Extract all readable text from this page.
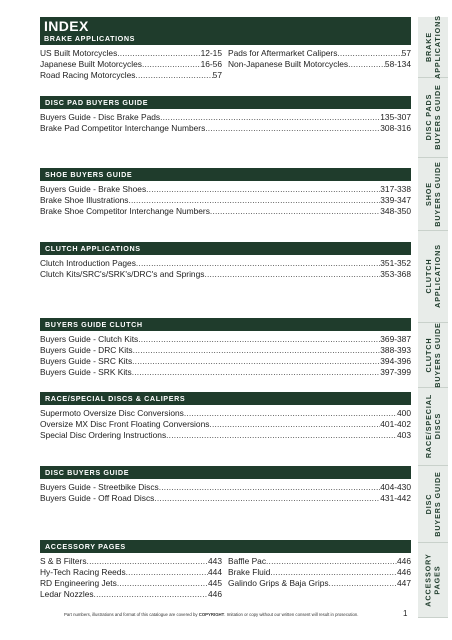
INDEX
BRAKE APPLICATIONS
US Built Motorcycles .....	12-15
Japanese Built Motorcycles .....	16-56
Road Racing Motorcycles .....	57
Pads for Aftermarket Calipers .....	57
Non-Japanese Built Motorcycles .....	58-134
DISC PAD BUYERS GUIDE
Buyers Guide - Disc Brake Pads .....	135-307
Brake Pad Competitor Interchange Numbers .....	308-316
SHOE BUYERS GUIDE
Buyers Guide - Brake Shoes .....	317-338
Brake Shoe Illustrations .....	339-347
Brake Shoe Competitor Interchange Numbers .....	348-350
CLUTCH APPLICATIONS
Clutch Introduction Pages .....	351-352
Clutch Kits/SRC's/SRK's/DRC's and Springs .....	353-368
BUYERS GUIDE CLUTCH
Buyers Guide - Clutch Kits .....	369-387
Buyers Guide - DRC Kits .....	388-393
Buyers Guide - SRC Kits .....	394-396
Buyers Guide - SRK Kits .....	397-399
RACE/SPECIAL DISCS & CALIPERS
Supermoto Oversize Disc Conversions .....	400
Oversize MX Disc Front Floating Conversions .....	401-402
Special Disc Ordering Instructions .....	403
DISC BUYERS GUIDE
Buyers Guide - Streetbike Discs .....	404-430
Buyers Guide - Off Road Discs .....	431-442
ACCESSORY PAGES
S & B Filters .....	443
Hy-Tech Racing Reeds .....	444
RD Engineering Jets .....	445
Ledar Nozzles .....	446
Baffle Pac .....	446
Brake Fluid .....	446
Galindo Grips & Baja Grips .....	447
BRAKE APPLICATIONS
DISC PADS BUYERS GUIDE
SHOE BUYERS GUIDE
CLUTCH APPLICATIONS
CLUTCH BUYERS GUIDE
RACE/SPECIAL DISCS
DISC BUYERS GUIDE
ACCESSORY PAGES
Part numbers, illustrations and format of this catalogue are covered by COPYRIGHT. Imitation or copy without our written consent will result in prosecution.	1
